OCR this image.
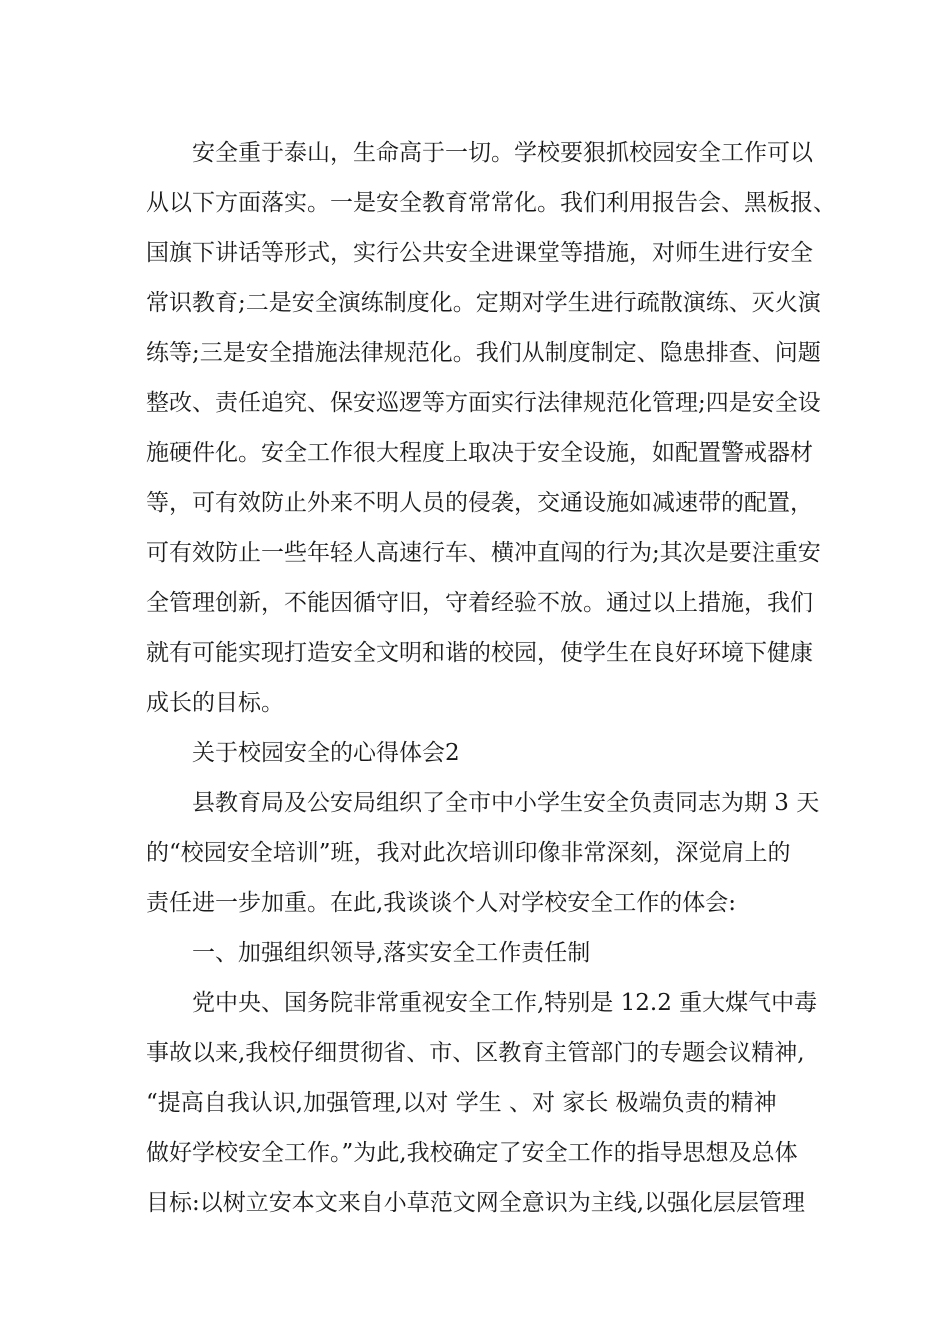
安全重于泰山，生命高于一切。学校要狠抓校园安全工作可以
从以下方面落实。一是安全教育常常化。我们利用报告会、黑板报、
国旗下讲话等形式，实行公共安全进课堂等措施，对师生进行安全
常识教育;二是安全演练制度化。定期对学生进行疏散演练、灭火演
练等;三是安全措施法律规范化。我们从制度制定、隐患排查、问题
整改、责任追究、保安巡逻等方面实行法律规范化管理;四是安全设
施硬件化。安全工作很大程度上取决于安全设施，如配置警戒器材
等，可有效防止外来不明人员的侵袭，交通设施如减速带的配置，
可有效防止一些年轻人高速行车、横冲直闯的行为;其次是要注重安
全管理创新，不能因循守旧，守着经验不放。通过以上措施，我们
就有可能实现打造安全文明和谐的校园，使学生在良好环境下健康
成长的目标。
关于校园安全的心得体会2
县教育局及公安局组织了全市中小学生安全负责同志为期 3 天
的“校园安全培训”班，我对此次培训印像非常深刻，深觉肩上的
责任进一步加重。在此,我谈谈个人对学校安全工作的体会:
一、加强组织领导,落实安全工作责任制
党中央、国务院非常重视安全工作,特别是 12.2 重大煤气中毒
事故以来,我校仔细贯彻省、市、区教育主管部门的专题会议精神,
“提高自我认识,加强管理,以对 学生 、对 家长 极端负责的精神
做好学校安全工作。”为此,我校确定了安全工作的指导思想及总体
目标:以树立安本文来自小草范文网全意识为主线,以强化层层管理
